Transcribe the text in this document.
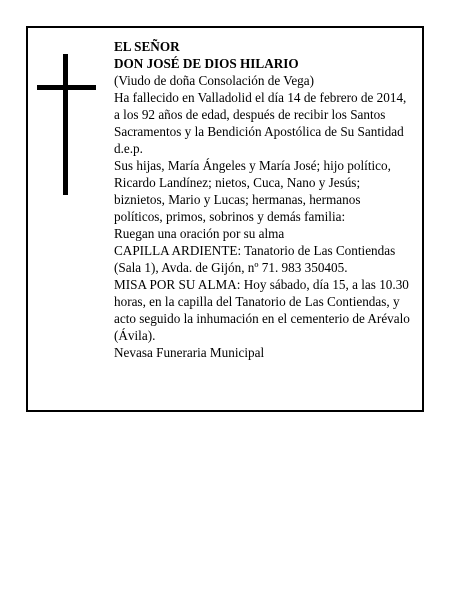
EL SEÑOR
DON JOSÉ DE DIOS HILARIO
(Viudo de doña Consolación de Vega)
Ha fallecido en Valladolid el día 14 de febrero de 2014,
a los 92 años de edad, después de recibir los Santos
Sacramentos y la Bendición Apostólica de Su Santidad
d.e.p.
Sus hijas, María Ángeles y María José; hijo político,
Ricardo Landínez; nietos, Cuca, Nano y Jesús;
biznietos, Mario y Lucas; hermanas, hermanos
políticos, primos, sobrinos y demás familia:
Ruegan una oración por su alma
CAPILLA ARDIENTE: Tanatorio de Las Contiendas
(Sala 1), Avda. de Gijón, nº 71. 983 350405.
MISA POR SU ALMA: Hoy sábado, día 15, a las 10.30
horas, en la capilla del Tanatorio de Las Contiendas, y
acto seguido la inhumación en el cementerio de Arévalo
(Ávila).
Nevasa Funeraria Municipal
